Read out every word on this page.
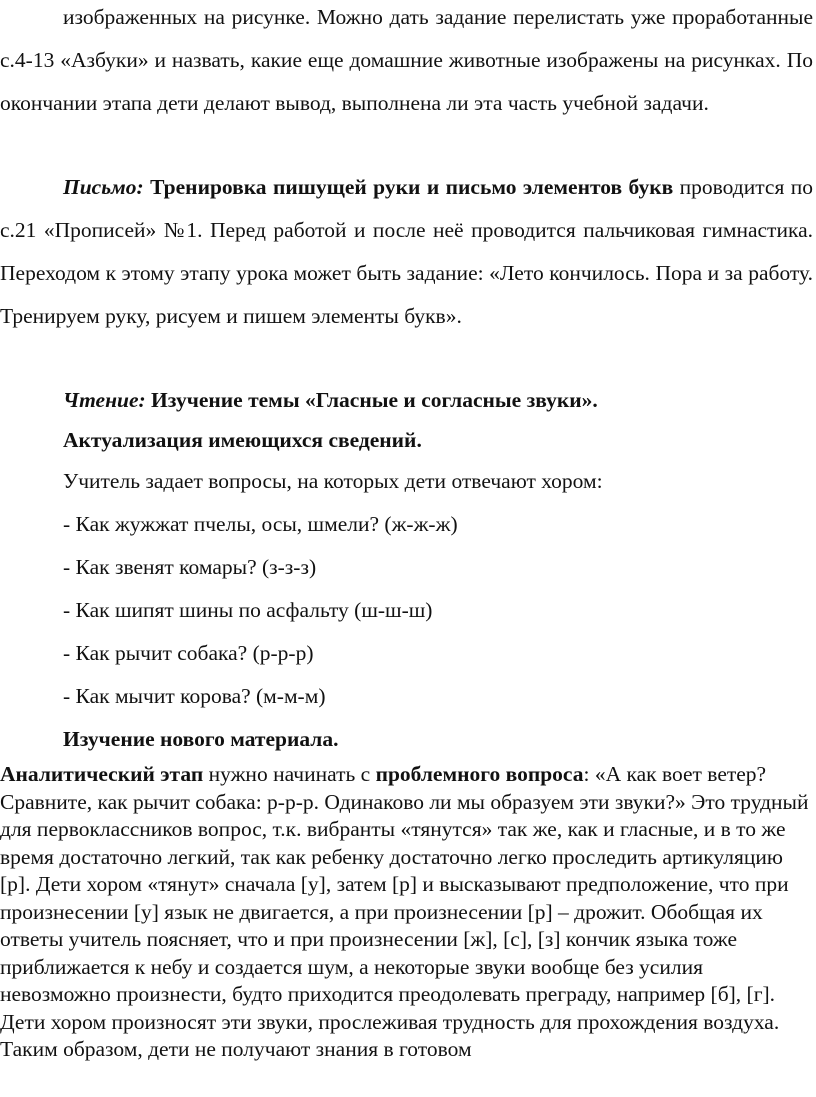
изображенных на рисунке. Можно дать задание перелистать уже проработанные с.4-13 «Азбуки» и назвать, какие еще домашние животные изображены на рисунках. По окончании этапа дети делают вывод, выполнена ли эта часть учебной задачи.

Письмо: Тренировка пишущей руки и письмо элементов букв проводится по с.21 «Прописей» №1. Перед работой и после неё проводится пальчиковая гимнастика. Переходом к этому этапу урока может быть задание: «Лето кончилось. Пора и за работу. Тренируем руку, рисуем и пишем элементы букв».

Чтение: Изучение темы «Гласные и согласные звуки».

Актуализация имеющихся сведений.

Учитель задает вопросы, на которых дети отвечают хором:

- Как жужжат пчелы, осы, шмели? (ж-ж-ж)

- Как звенят комары? (з-з-з)

- Как шипят шины по асфальту (ш-ш-ш)

- Как рычит собака? (р-р-р)

- Как мычит корова? (м-м-м)

Изучение нового материала.

Аналитический этап нужно начинать с проблемного вопроса: «А как воет ветер? Сравните, как рычит собака: р-р-р. Одинаково ли мы образуем эти звуки?» Это трудный для первоклассников вопрос, т.к. вибранты «тянутся» так же, как и гласные, и в то же время достаточно легкий, так как ребенку достаточно легко проследить артикуляцию [р]. Дети хором «тянут» сначала [у], затем [р] и высказывают предположение, что при произнесении [у] язык не двигается, а при произнесении [р] – дрожит. Обобщая их ответы учитель поясняет, что и при произнесении [ж], [с], [з] кончик языка тоже приближается к небу и создается шум, а некоторые звуки вообще без усилия невозможно произнести, будто приходится преодолевать преграду, например [б], [г]. Дети хором произносят эти звуки, прослеживая трудность для прохождения воздуха. Таким образом, дети не получают знания в готовом
